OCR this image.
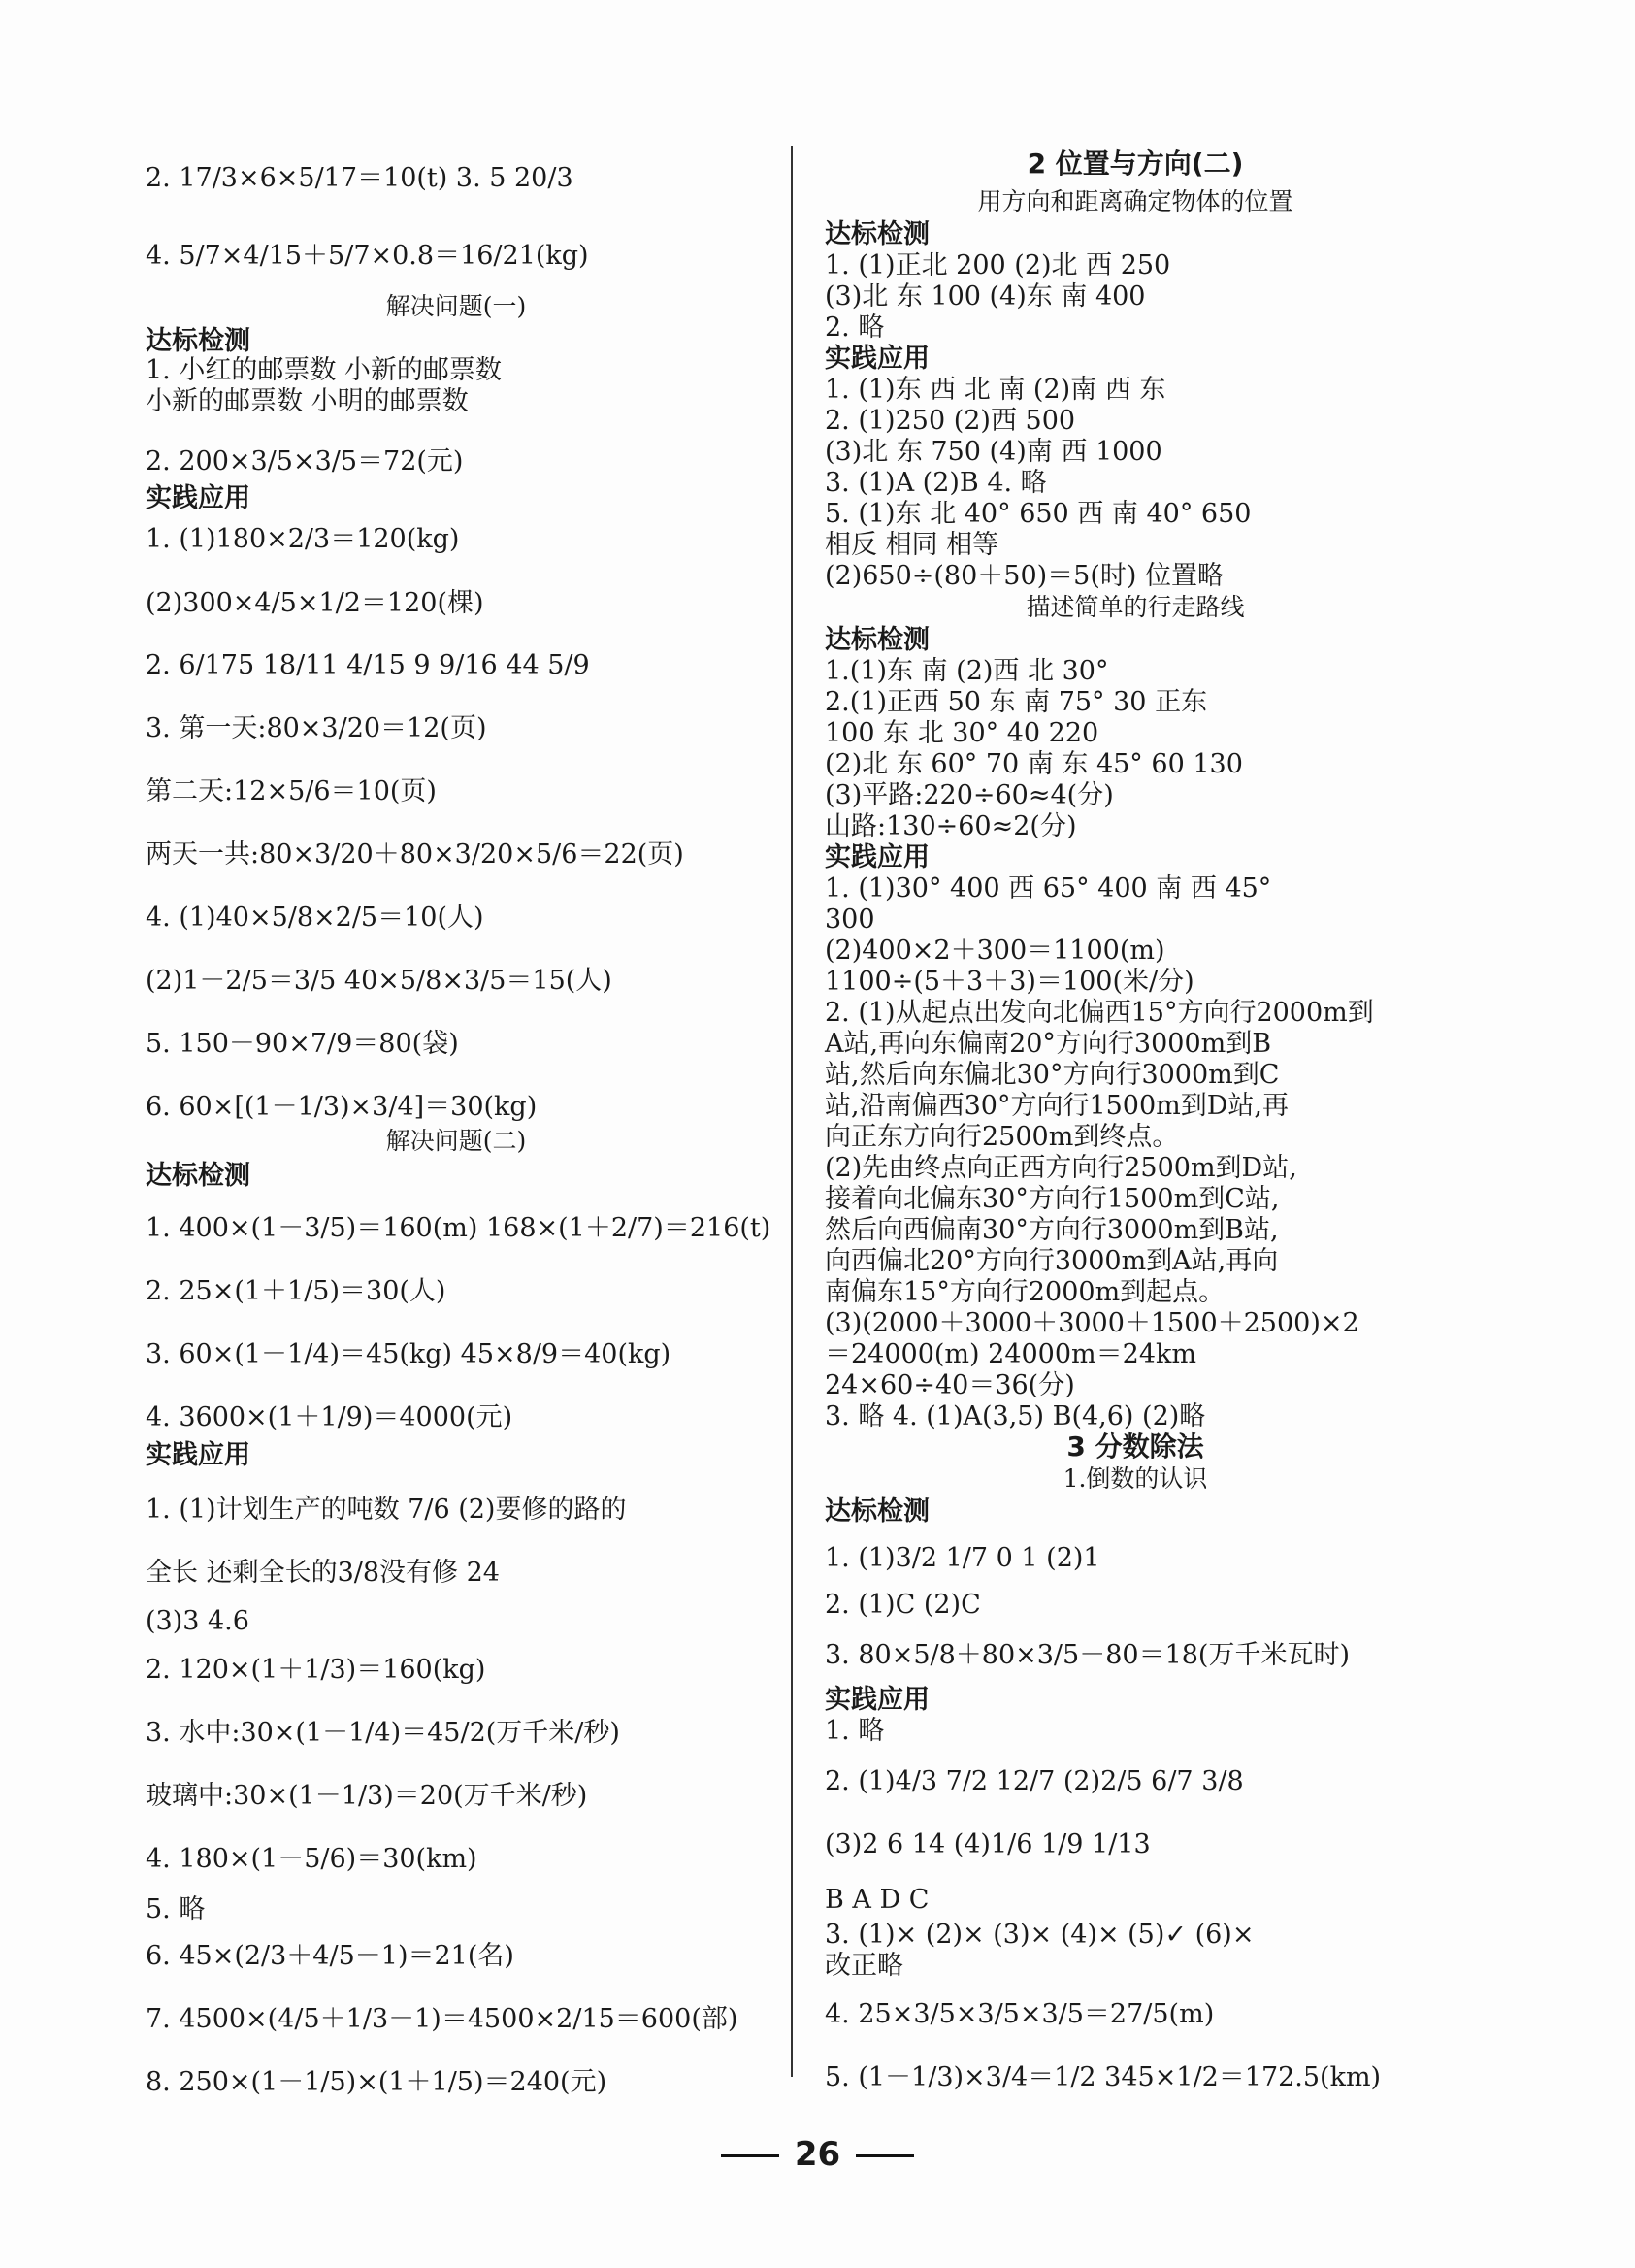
2. 17/3×6×5/17＝10(t) 3. 5 20/3
4. 5/7×4/15＋5/7×0.8＝16/21(kg)
解决问题(一)
达标检测
1. 小红的邮票数 小新的邮票数
小新的邮票数 小明的邮票数
2. 200×3/5×3/5＝72(元)
实践应用
1. (1)180×2/3＝120(kg)
(2)300×4/5×1/2＝120(棵)
2. 6/175 18/11 4/15 9 9/16 44 5/9
3. 第一天:80×3/20＝12(页)
第二天:12×5/6＝10(页)
两天一共:80×3/20＋80×3/20×5/6＝22(页)
4. (1)40×5/8×2/5＝10(人)
(2)1－2/5＝3/5 40×5/8×3/5＝15(人)
5. 150－90×7/9＝80(袋)
6. 60×[(1－1/3)×3/4]＝30(kg)
解决问题(二)
达标检测
1. 400×(1－3/5)＝160(m) 168×(1＋2/7)＝216(t)
2. 25×(1＋1/5)＝30(人)
3. 60×(1－1/4)＝45(kg) 45×8/9＝40(kg)
4. 3600×(1＋1/9)＝4000(元)
实践应用
1. (1)计划生产的吨数 7/6 (2)要修的路的
全长 还剩全长的3/8没有修 24
(3)3 4.6
2. 120×(1＋1/3)＝160(kg)
3. 水中:30×(1－1/4)＝45/2(万千米/秒)
玻璃中:30×(1－1/3)＝20(万千米/秒)
4. 180×(1－5/6)＝30(km)
5. 略
6. 45×(2/3＋4/5－1)＝21(名)
7. 4500×(4/5＋1/3－1)＝4500×2/15＝600(部)
8. 250×(1－1/5)×(1＋1/5)＝240(元)
2 位置与方向(二)
用方向和距离确定物体的位置
达标检测
1. (1)正北 200 (2)北 西 250
(3)北 东 100 (4)东 南 400
2. 略
实践应用
1. (1)东 西 北 南 (2)南 西 东
2. (1)250 (2)西 500
(3)北 东 750 (4)南 西 1000
3. (1)A (2)B 4. 略
5. (1)东 北 40° 650 西 南 40° 650
相反 相同 相等
(2)650÷(80＋50)＝5(时) 位置略
描述简单的行走路线
达标检测
1.(1)东 南 (2)西 北 30°
2.(1)正西 50 东 南 75° 30 正东
100 东 北 30° 40 220
(2)北 东 60° 70 南 东 45° 60 130
(3)平路:220÷60≈4(分)
山路:130÷60≈2(分)
实践应用
1. (1)30° 400 西 65° 400 南 西 45°
300
(2)400×2＋300＝1100(m)
1100÷(5＋3＋3)＝100(米/分)
2. (1)从起点出发向北偏西15°方向行2000m到
A站,再向东偏南20°方向行3000m到B
站,然后向东偏北30°方向行3000m到C
站,沿南偏西30°方向行1500m到D站,再
向正东方向行2500m到终点。
(2)先由终点向正西方向行2500m到D站,
接着向北偏东30°方向行1500m到C站,
然后向西偏南30°方向行3000m到B站,
向西偏北20°方向行3000m到A站,再向
南偏东15°方向行2000m到起点。
(3)(2000＋3000＋3000＋1500＋2500)×2
＝24000(m) 24000m＝24km
24×60÷40＝36(分)
3. 略 4. (1)A(3,5) B(4,6) (2)略
3 分数除法
1.倒数的认识
达标检测
1. (1)3/2 1/7 0 1 (2)1
2. (1)C (2)C
3. 80×5/8＋80×3/5－80＝18(万千米瓦时)
实践应用
1. 略
2. (1)4/3 7/2 12/7 (2)2/5 6/7 3/8
(3)2 6 14 (4)1/6 1/9 1/13
B A D C
3. (1)× (2)× (3)× (4)× (5)✓ (6)×
改正略
4. 25×3/5×3/5×3/5＝27/5(m)
5. (1－1/3)×3/4＝1/2 345×1/2＝172.5(km)
26
